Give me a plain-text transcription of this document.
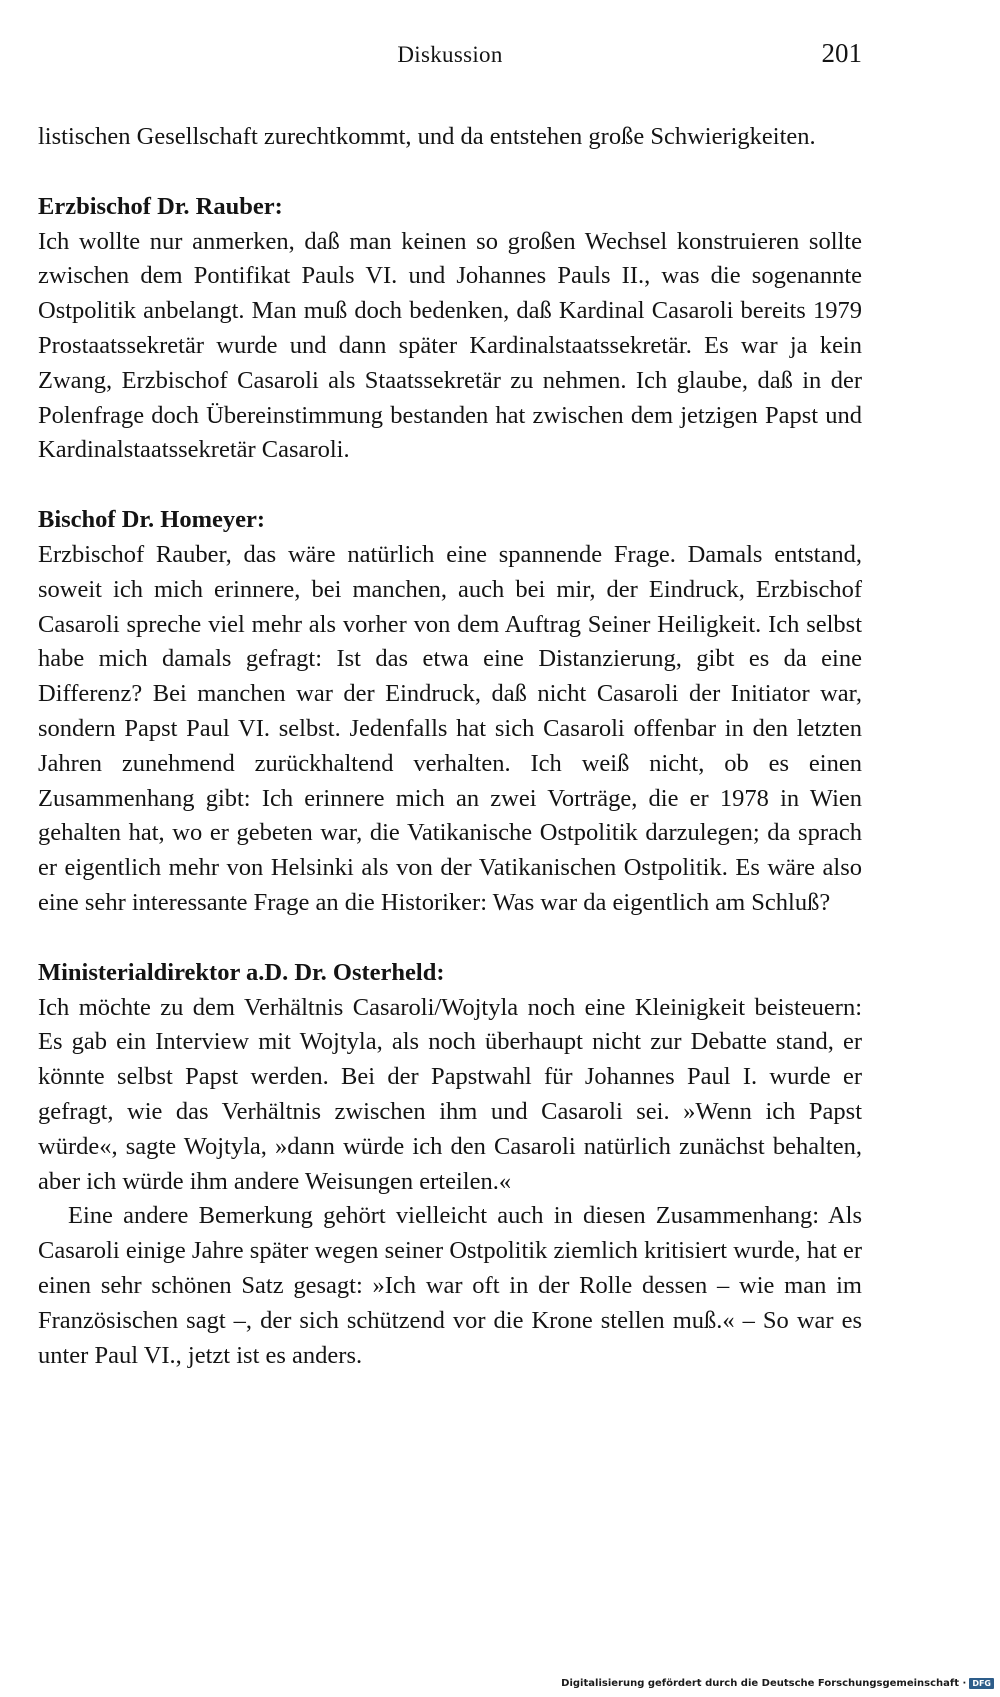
Diskussion	201

listischen Gesellschaft zurechtkommt, und da entstehen große Schwierigkeiten.

Erzbischof Dr. Rauber:

Ich wollte nur anmerken, daß man keinen so großen Wechsel konstruieren sollte zwischen dem Pontifikat Pauls VI. und Johannes Pauls II., was die sogenannte Ostpolitik anbelangt. Man muß doch bedenken, daß Kardinal Casaroli bereits 1979 Prostaatssekretär wurde und dann später Kardinalstaatssekretär. Es war ja kein Zwang, Erzbischof Casaroli als Staatssekretär zu nehmen. Ich glaube, daß in der Polenfrage doch Übereinstimmung bestanden hat zwischen dem jetzigen Papst und Kardinalstaatssekretär Casaroli.

Bischof Dr. Homeyer:

Erzbischof Rauber, das wäre natürlich eine spannende Frage. Damals entstand, soweit ich mich erinnere, bei manchen, auch bei mir, der Eindruck, Erzbischof Casaroli spreche viel mehr als vorher von dem Auftrag Seiner Heiligkeit. Ich selbst habe mich damals gefragt: Ist das etwa eine Distanzierung, gibt es da eine Differenz? Bei manchen war der Eindruck, daß nicht Casaroli der Initiator war, sondern Papst Paul VI. selbst. Jedenfalls hat sich Casaroli offenbar in den letzten Jahren zunehmend zurückhaltend verhalten. Ich weiß nicht, ob es einen Zusammenhang gibt: Ich erinnere mich an zwei Vorträge, die er 1978 in Wien gehalten hat, wo er gebeten war, die Vatikanische Ostpolitik darzulegen; da sprach er eigentlich mehr von Helsinki als von der Vatikanischen Ostpolitik. Es wäre also eine sehr interessante Frage an die Historiker: Was war da eigentlich am Schluß?

Ministerialdirektor a.D. Dr. Osterheld:

Ich möchte zu dem Verhältnis Casaroli/Wojtyla noch eine Kleinigkeit beisteuern: Es gab ein Interview mit Wojtyla, als noch überhaupt nicht zur Debatte stand, er könnte selbst Papst werden. Bei der Papstwahl für Johannes Paul I. wurde er gefragt, wie das Verhältnis zwischen ihm und Casaroli sei. »Wenn ich Papst würde«, sagte Wojtyla, »dann würde ich den Casaroli natürlich zunächst behalten, aber ich würde ihm andere Weisungen erteilen.«

Eine andere Bemerkung gehört vielleicht auch in diesen Zusammenhang: Als Casaroli einige Jahre später wegen seiner Ostpolitik ziemlich kritisiert wurde, hat er einen sehr schönen Satz gesagt: »Ich war oft in der Rolle dessen – wie man im Französischen sagt –, der sich schützend vor die Krone stellen muß.« – So war es unter Paul VI., jetzt ist es anders.

Digitalisierung gefördert durch die Deutsche Forschungsgemeinschaft · DFG
